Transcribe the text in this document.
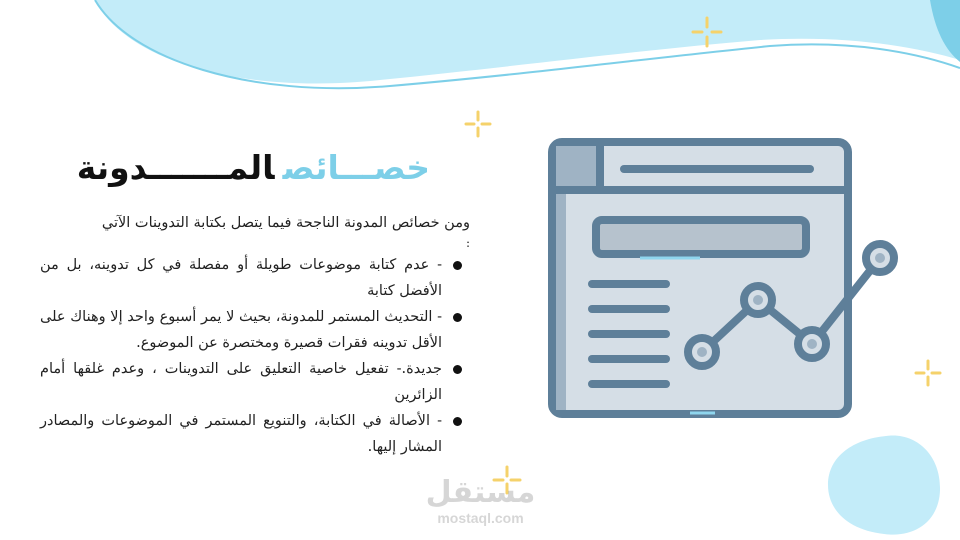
خصـــائصالمـــــــدونة

ومن خصائص المدونة الناجحة فيما يتصل بكتابة التدوينات الآتي

:

- عدم كتابة موضوعات طويلة أو مفصلة في كل تدوينه، بل من الأفضل كتابة
- التحديث المستمر للمدونة، بحيث لا يمر أسبوع واحد إلا وهناك على الأقل تدوينه فقرات قصيرة ومختصرة عن الموضوع.
جديدة.- تفعيل خاصية التعليق على التدوينات ، وعدم غلقها أمام الزائرين
- الأصالة في الكتابة، والتنويع المستمر في الموضوعات والمصادر المشار إليها.
مستقل
mostaql.com
